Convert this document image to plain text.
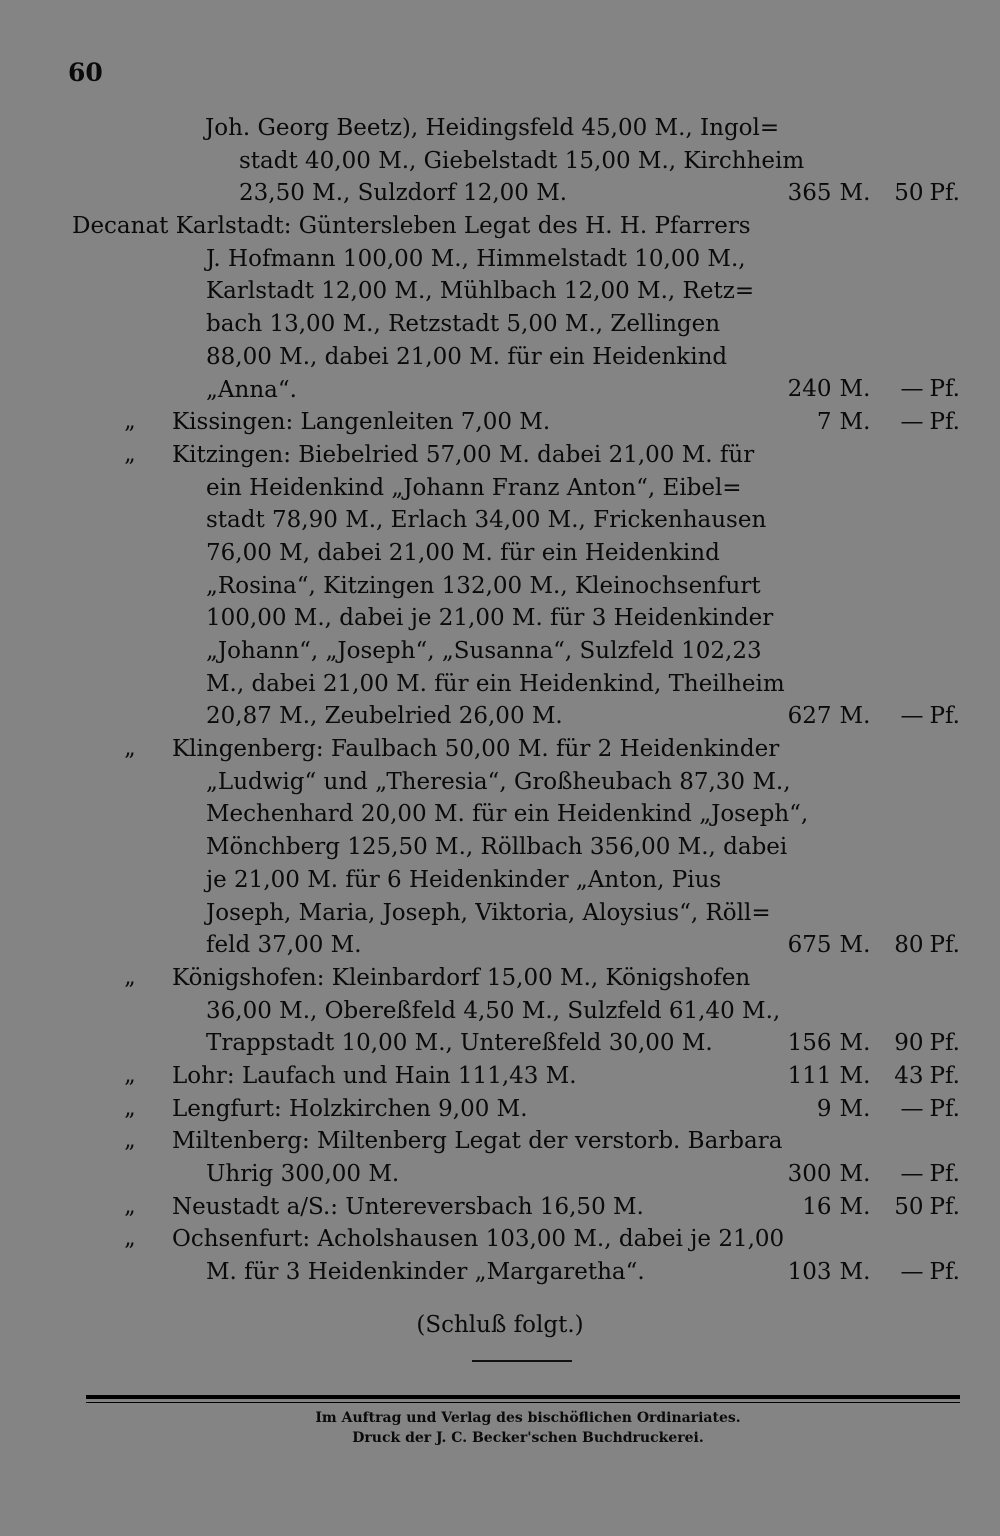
60
Joh. Georg Beetz), Heidingsfeld 45,00 M., Ingol=
stadt 40,00 M., Giebelstadt 15,00 M., Kirchheim
23,50 M., Sulzdorf 12,00 M.	365 M. 50 Pf.
Decanat Karlstadt: Güntersleben Legat des H. H. Pfarrers
J. Hofmann 100,00 M., Himmelstadt 10,00 M.,
Karlstadt 12,00 M., Mühlbach 12,00 M., Retz=
bach 13,00 M., Retzstadt 5,00 M., Zellingen
88,00 M., dabei 21,00 M. für ein Heidenkind
„Anna“.	240 M. — Pf.
„ Kissingen: Langenleiten 7,00 M.	7 M. — Pf.
„ Kitzingen: Biebelried 57,00 M. dabei 21,00 M. für
ein Heidenkind „Johann Franz Anton“, Eibel=
stadt 78,90 M., Erlach 34,00 M., Frickenhausen
76,00 M, dabei 21,00 M. für ein Heidenkind
„Rosina“, Kitzingen 132,00 M., Kleinochsenfurt
100,00 M., dabei je 21,00 M. für 3 Heidenkinder
„Johann“, „Joseph“, „Susanna“, Sulzfeld 102,23
M., dabei 21,00 M. für ein Heidenkind, Theilheim
20,87 M., Zeubelried 26,00 M.	627 M. — Pf.
„ Klingenberg: Faulbach 50,00 M. für 2 Heidenkinder
„Ludwig“ und „Theresia“, Großheubach 87,30 M.,
Mechenhard 20,00 M. für ein Heidenkind „Joseph“,
Mönchberg 125,50 M., Röllbach 356,00 M., dabei
je 21,00 M. für 6 Heidenkinder „Anton, Pius
Joseph, Maria, Joseph, Viktoria, Aloysius“, Röll=
feld 37,00 M.	675 M. 80 Pf.
„ Königshofen: Kleinbardorf 15,00 M., Königshofen
36,00 M., Obereßfeld 4,50 M., Sulzfeld 61,40 M.,
Trappstadt 10,00 M., Untereßfeld 30,00 M.	156 M. 90 Pf.
„ Lohr: Laufach und Hain 111,43 M.	111 M. 43 Pf.
„ Lengfurt: Holzkirchen 9,00 M.	9 M. — Pf.
„ Miltenberg: Miltenberg Legat der verstorb. Barbara
Uhrig 300,00 M.	300 M. — Pf.
„ Neustadt a/S.: Untereversbach 16,50 M.	16 M. 50 Pf.
„ Ochsenfurt: Acholshausen 103,00 M., dabei je 21,00
M. für 3 Heidenkinder „Margaretha“.	103 M. — Pf.
(Schluß folgt.)
Im Auftrag und Verlag des bischöflichen Ordinariates.
Druck der J. C. Becker'schen Buchdruckerei.
